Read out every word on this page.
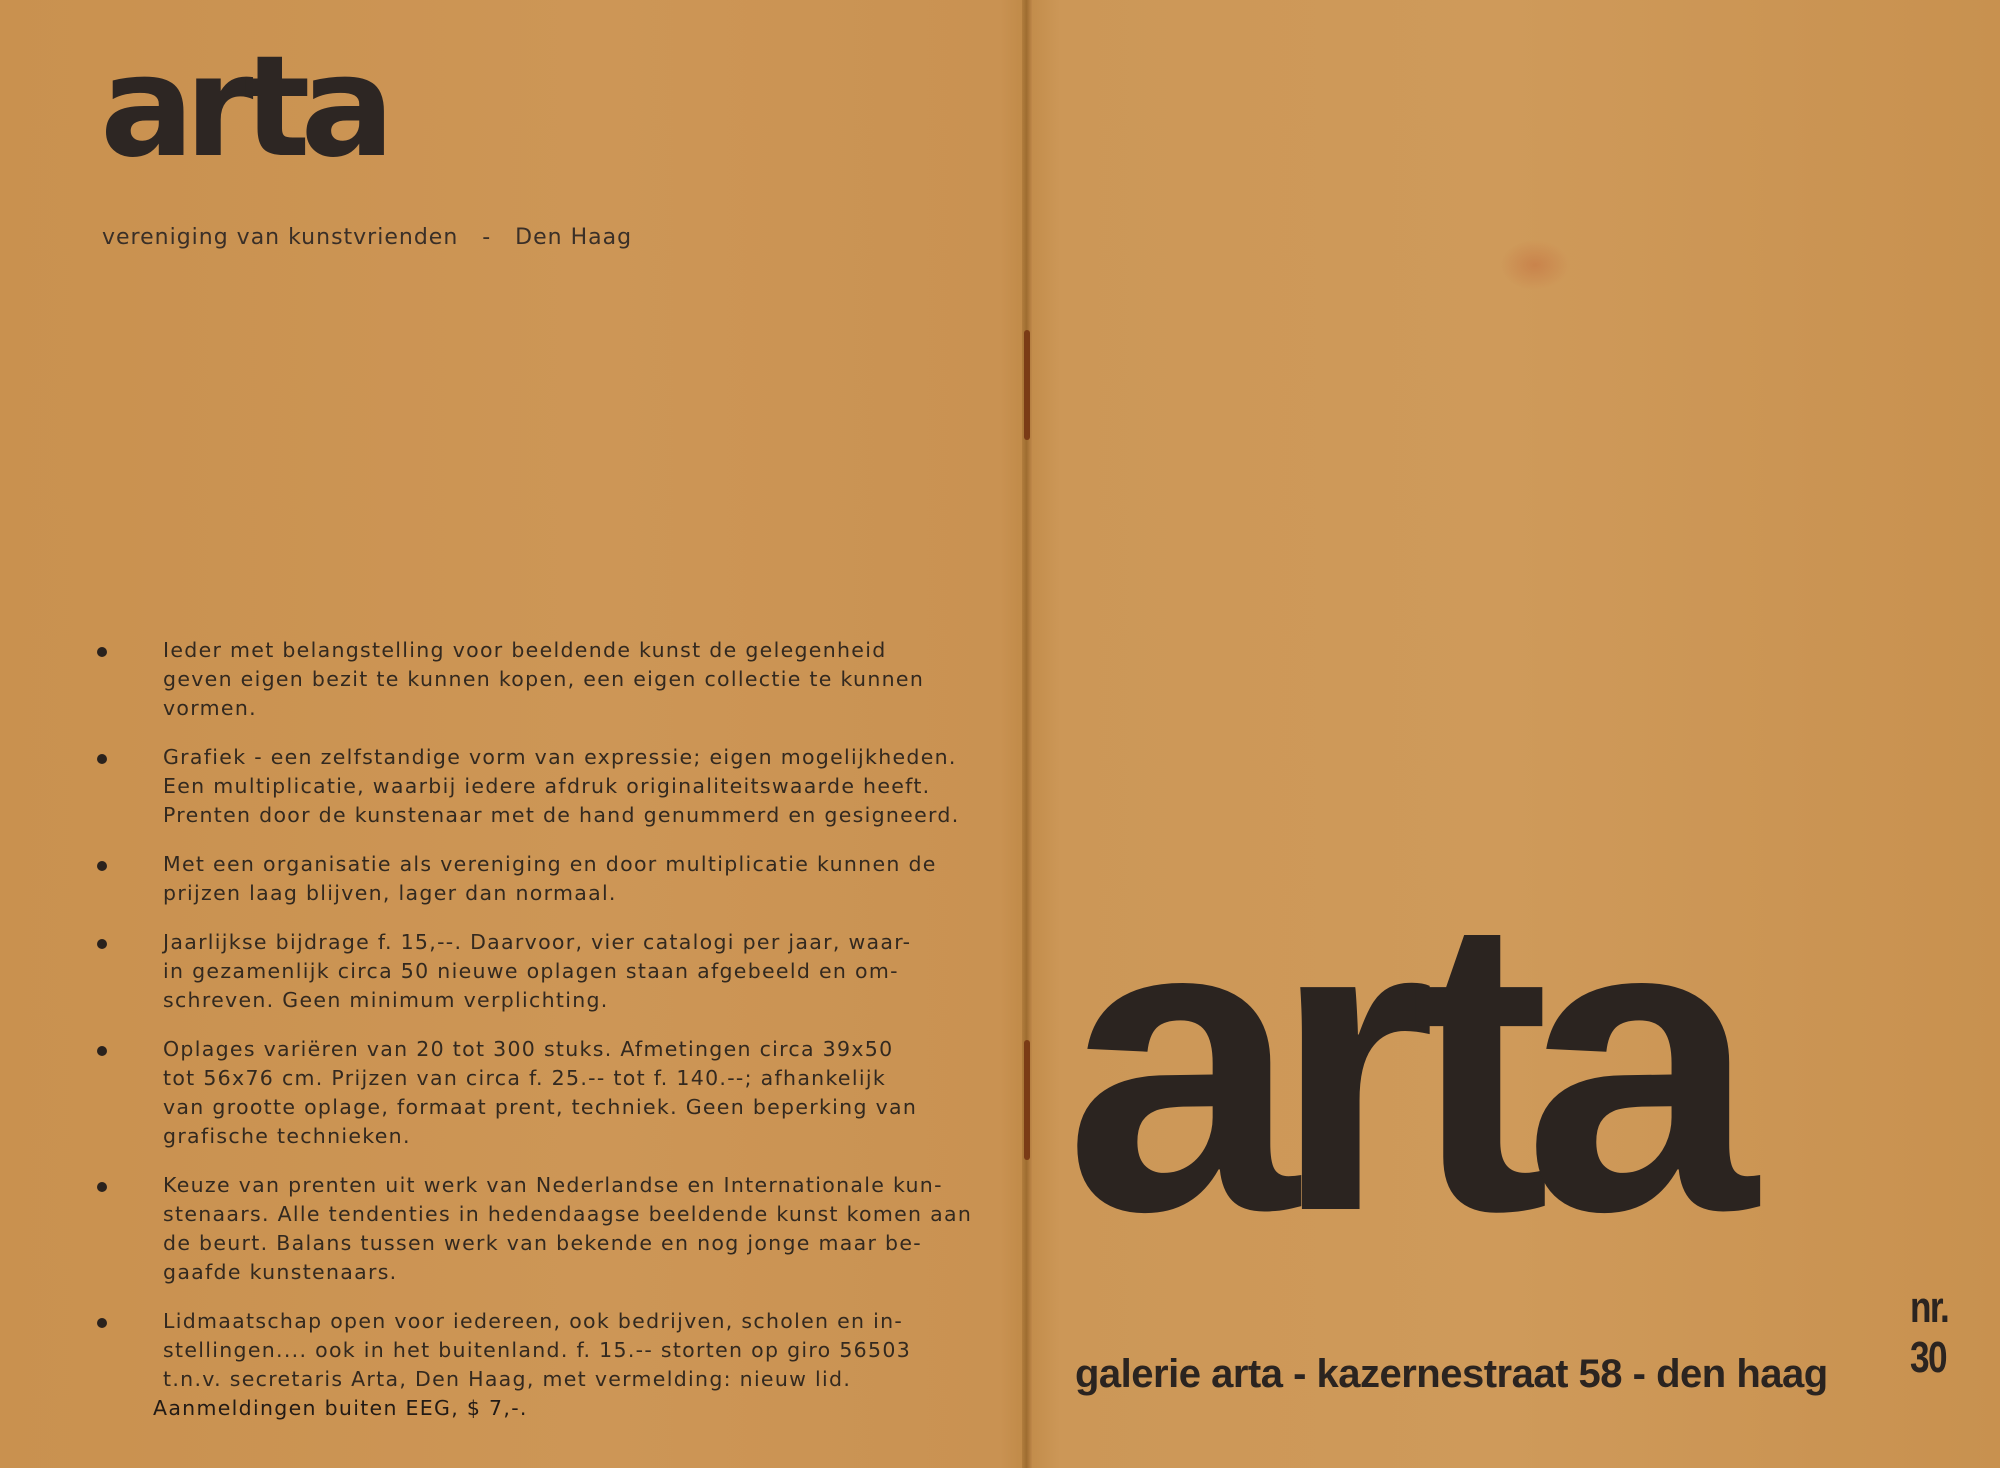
arta
vereniging van kunstvrienden   -   Den Haag
Ieder met belangstelling voor beeldende kunst de gelegenheid
geven eigen bezit te kunnen kopen, een eigen collectie te kunnen
vormen.
Grafiek - een zelfstandige vorm van expressie; eigen mogelijkheden.
Een multiplicatie, waarbij iedere afdruk originaliteitswaarde heeft.
Prenten door de kunstenaar met de hand genummerd en gesigneerd.
Met een organisatie als vereniging en door multiplicatie kunnen de
prijzen laag blijven, lager dan normaal.
Jaarlijkse bijdrage f. 15,--. Daarvoor, vier catalogi per jaar, waar-
in gezamenlijk circa 50 nieuwe oplagen staan afgebeeld en om-
schreven. Geen minimum verplichting.
Oplages variëren van 20 tot 300 stuks. Afmetingen circa 39x50
tot 56x76 cm. Prijzen van circa f. 25.-- tot f. 140.--; afhankelijk
van grootte oplage, formaat prent, techniek. Geen beperking van
grafische technieken.
Keuze van prenten uit werk van Nederlandse en Internationale kun-
stenaars. Alle tendenties in hedendaagse beeldende kunst komen aan
de beurt. Balans tussen werk van bekende en nog jonge maar be-
gaafde kunstenaars.
Lidmaatschap open voor iedereen, ook bedrijven, scholen en in-
stellingen.... ook in het buitenland. f. 15.-- storten op giro 56503
t.n.v. secretaris Arta, Den Haag, met vermelding: nieuw lid.
Aanmeldingen buiten EEG, $ 7,-.
arta
nr. 30
galerie arta - kazernestraat 58 - den haag
